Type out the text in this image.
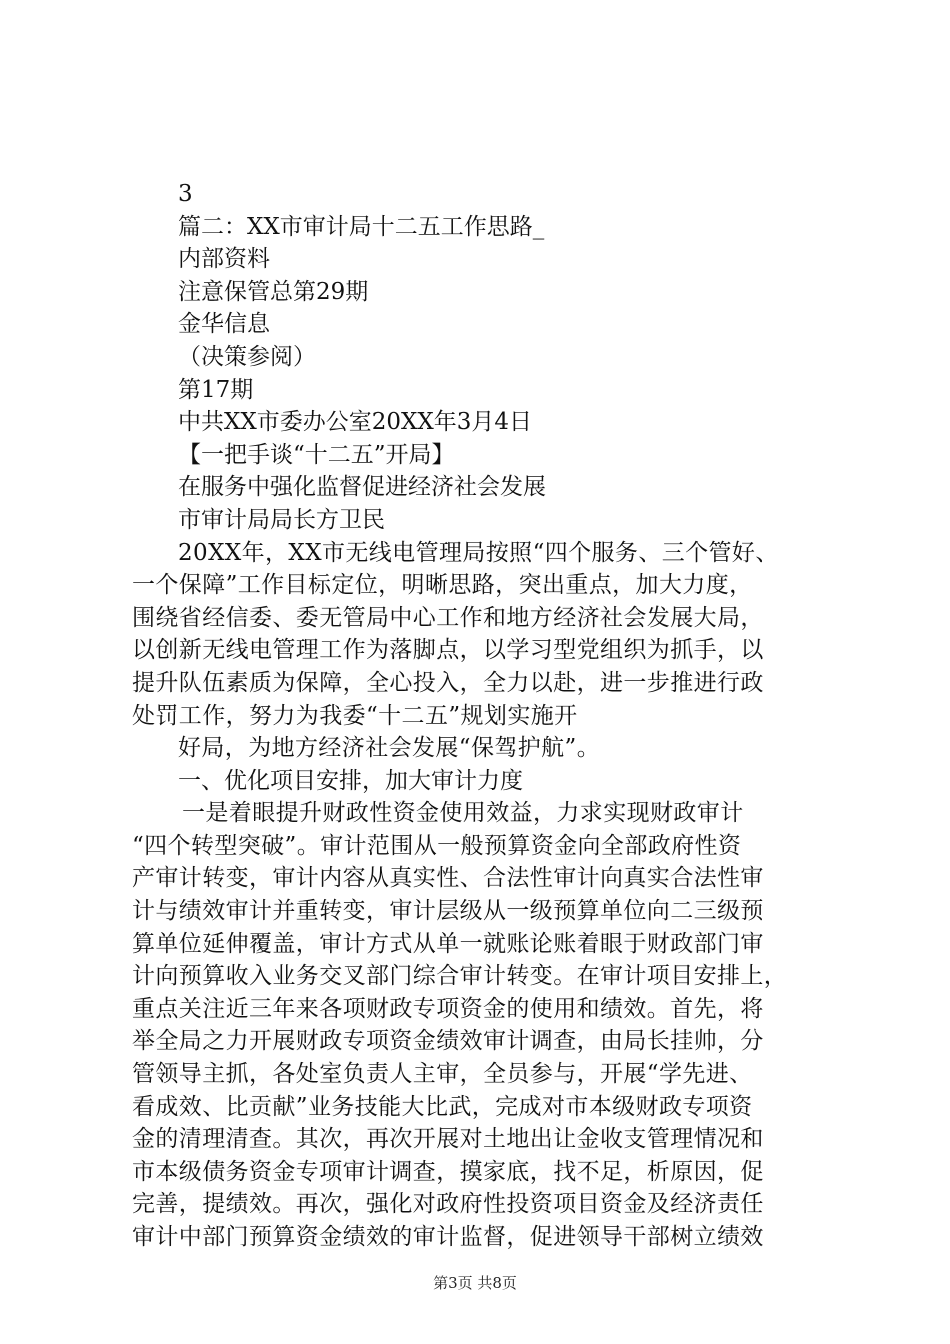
3
篇二：XX市审计局十二五工作思路_
内部资料
注意保管总第29期
金华信息
（决策参阅）
第17期
中共XX市委办公室20XX年3月4日
【一把手谈“十二五”开局】
在服务中强化监督促进经济社会发展
市审计局局长方卫民
20XX年，XX市无线电管理局按照“四个服务、三个管好、
一个保障”工作目标定位，明晰思路，突出重点，加大力度，
围绕省经信委、委无管局中心工作和地方经济社会发展大局，
以创新无线电管理工作为落脚点，以学习型党组织为抓手，以
提升队伍素质为保障，全心投入，全力以赴，进一步推进行政
处罚工作，努力为我委“十二五”规划实施开
好局，为地方经济社会发展“保驾护航”。
一、优化项目安排，加大审计力度
一是着眼提升财政性资金使用效益，力求实现财政审计
“四个转型突破”。审计范围从一般预算资金向全部政府性资
产审计转变，审计内容从真实性、合法性审计向真实合法性审
计与绩效审计并重转变，审计层级从一级预算单位向二三级预
算单位延伸覆盖，审计方式从单一就账论账着眼于财政部门审
计向预算收入业务交叉部门综合审计转变。在审计项目安排上，
重点关注近三年来各项财政专项资金的使用和绩效。首先，将
举全局之力开展财政专项资金绩效审计调查，由局长挂帅，分
管领导主抓，各处室负责人主审，全员参与，开展“学先进、
看成效、比贡献”业务技能大比武，完成对市本级财政专项资
金的清理清查。其次，再次开展对土地出让金收支管理情况和
市本级债务资金专项审计调查，摸家底，找不足，析原因，促
完善，提绩效。再次，强化对政府性投资项目资金及经济责任
审计中部门预算资金绩效的审计监督，促进领导干部树立绩效
第3页 共8页
